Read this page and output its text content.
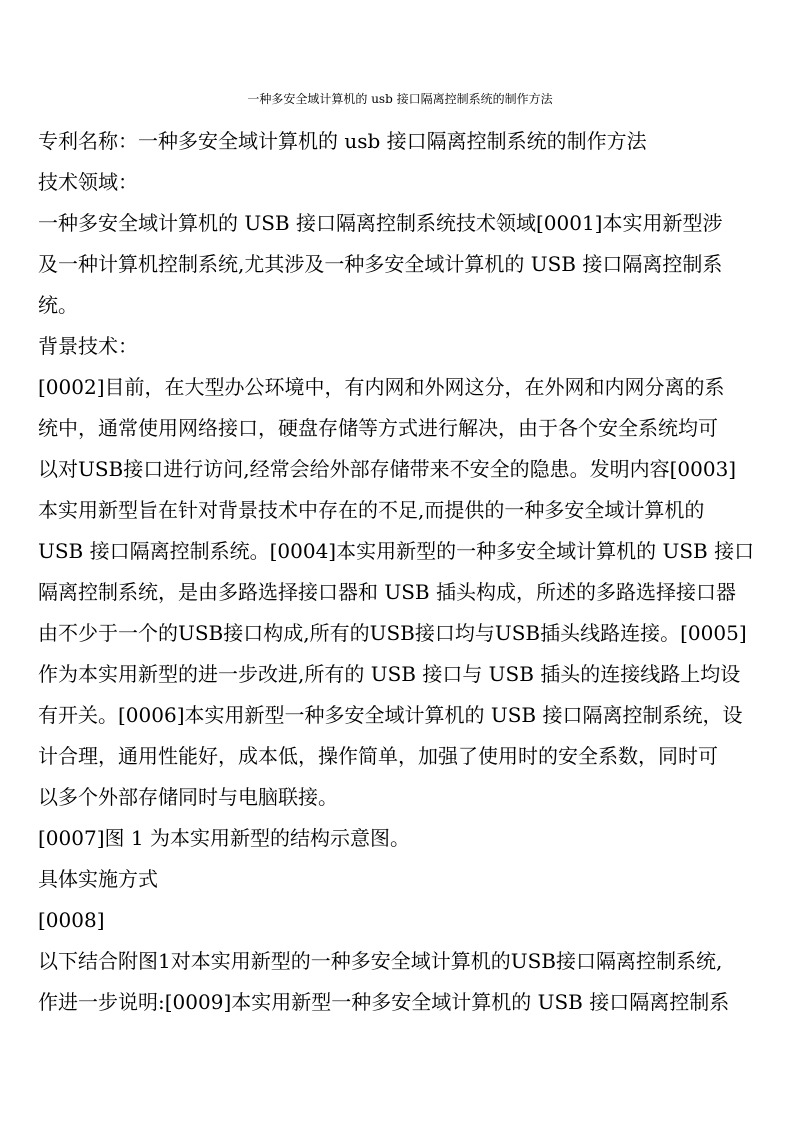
一种多安全域计算机的 usb 接口隔离控制系统的制作方法
专利名称：一种多安全域计算机的 usb 接口隔离控制系统的制作方法
技术领域：
一种多安全域计算机的 USB 接口隔离控制系统技术领域[0001]本实用新型涉
及一种计算机控制系统,尤其涉及一种多安全域计算机的 USB 接口隔离控制系
统。
背景技术：
[0002]目前，在大型办公环境中，有内网和外网这分，在外网和内网分离的系
统中，通常使用网络接口，硬盘存储等方式进行解决，由于各个安全系统均可
以对USB接口进行访问,经常会给外部存储带来不安全的隐患。发明内容[0003]
本实用新型旨在针对背景技术中存在的不足,而提供的一种多安全域计算机的
USB 接口隔离控制系统。[0004]本实用新型的一种多安全域计算机的 USB 接口
隔离控制系统，是由多路选择接口器和 USB 插头构成，所述的多路选择接口器
由不少于一个的USB接口构成,所有的USB接口均与USB插头线路连接。[0005]
作为本实用新型的进一步改进,所有的 USB 接口与 USB 插头的连接线路上均设
有开关。[0006]本实用新型一种多安全域计算机的 USB 接口隔离控制系统，设
计合理，通用性能好，成本低，操作简单，加强了使用时的安全系数，同时可
以多个外部存储同时与电脑联接。
[0007]图 1 为本实用新型的结构示意图。
具体实施方式
[0008]
以下结合附图1对本实用新型的一种多安全域计算机的USB接口隔离控制系统,
作进一步说明:[0009]本实用新型一种多安全域计算机的 USB 接口隔离控制系
